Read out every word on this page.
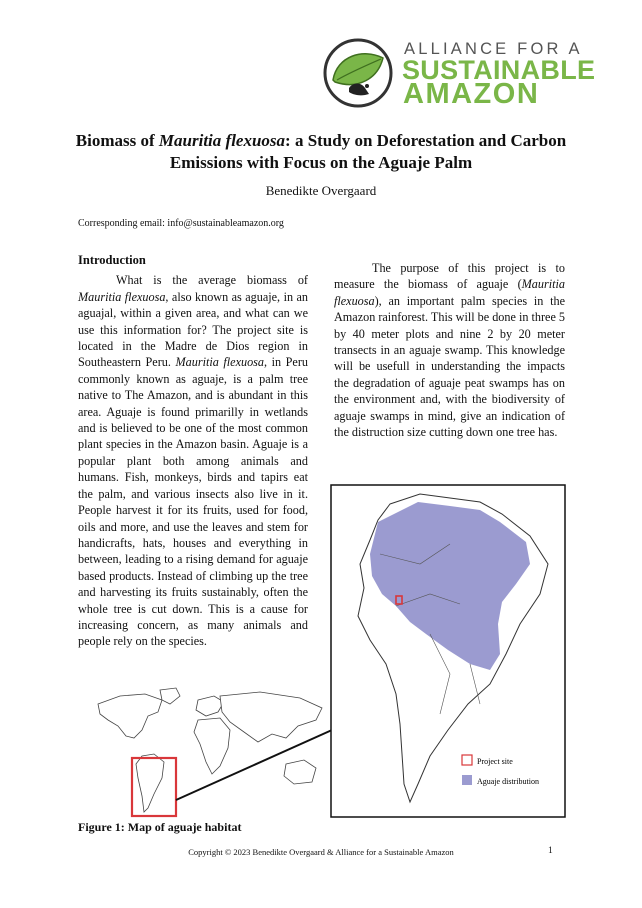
ALLIANCE FOR A
SUSTAINABLE
AMAZON
Biomass of Mauritia flexuosa: a Study on Deforestation and Carbon Emissions with Focus on the Aguaje Palm
Benedikte Overgaard
Corresponding email: info@sustainableamazon.org

Introduction

What is the average biomass of Mauritia flexuosa, also known as aguaje, in an aguajal, within a given area, and what can we use this information for? The project site is located in the Madre de Dios region in Southeastern Peru. Mauritia flexuosa, in Peru commonly known as aguaje, is a palm tree native to The Amazon, and is abundant in this area. Aguaje is found primarilly in wetlands and is believed to be one of the most common plant species in the Amazon basin. Aguaje is a popular plant both among animals and humans. Fish, monkeys, birds and tapirs eat the palm, and various insects also live in it. People harvest it for its fruits, used for food, oils and more, and use the leaves and stem for handicrafts, hats, houses and everything in between, leading to a rising demand for aguaje based products. Instead of climbing up the tree and harvesting its fruits sustainably, often the whole tree is cut down. This is a cause for increasing concern, as many animals and people rely on the species.

The purpose of this project is to measure the biomass of aguaje (Mauritia flexuosa), an important palm species in the Amazon rainforest. This will be done in three 5 by 40 meter plots and nine 2 by 20 meter transects in an aguaje swamp. This knowledge will be usefull in understanding the impacts the degradation of aguaje peat swamps has on the environment and, with the biodiversity of aguaje swamps in mind, give an indication of the distruction size cutting down one tree has.

Project site
Aguaje distribution
Figure 1: Map of aguaje habitat
Copyright © 2023 Benedikte Overgaard & Alliance for a Sustainable Amazon	1
